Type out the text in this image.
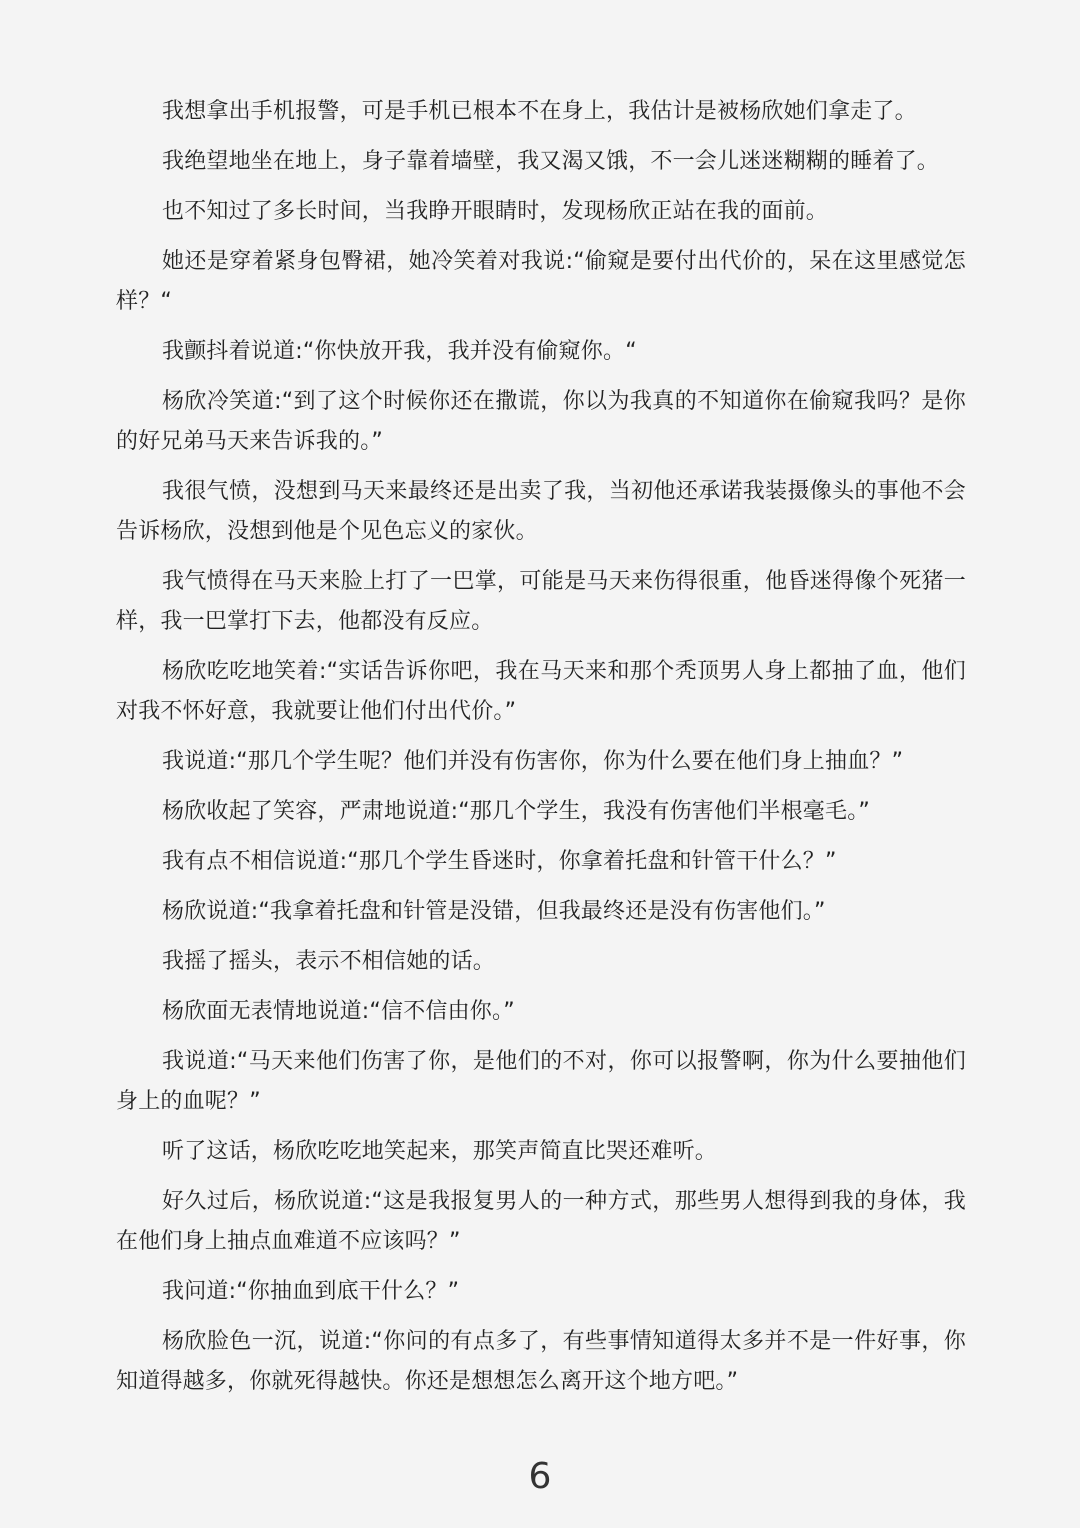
我想拿出手机报警，可是手机已根本不在身上，我估计是被杨欣她们拿走了。

我绝望地坐在地上，身子靠着墙壁，我又渴又饿，不一会儿迷迷糊糊的睡着了。

也不知过了多长时间，当我睁开眼睛时，发现杨欣正站在我的面前。

她还是穿着紧身包臀裙，她冷笑着对我说:“偷窥是要付出代价的，呆在这里感觉怎样？“

我颤抖着说道:“你快放开我，我并没有偷窥你。“

杨欣冷笑道:“到了这个时候你还在撒谎，你以为我真的不知道你在偷窥我吗？是你的好兄弟马天来告诉我的。”

我很气愤，没想到马天来最终还是出卖了我，当初他还承诺我装摄像头的事他不会告诉杨欣，没想到他是个见色忘义的家伙。

我气愤得在马天来脸上打了一巴掌，可能是马天来伤得很重，他昏迷得像个死猪一样，我一巴掌打下去，他都没有反应。

杨欣吃吃地笑着:“实话告诉你吧，我在马天来和那个秃顶男人身上都抽了血，他们对我不怀好意，我就要让他们付出代价。”

我说道:“那几个学生呢？他们并没有伤害你，你为什么要在他们身上抽血？”

杨欣收起了笑容，严肃地说道:“那几个学生，我没有伤害他们半根毫毛。”

我有点不相信说道:“那几个学生昏迷时，你拿着托盘和针管干什么？”

杨欣说道:“我拿着托盘和针管是没错，但我最终还是没有伤害他们。”

我摇了摇头，表示不相信她的话。

杨欣面无表情地说道:“信不信由你。”

我说道:“马天来他们伤害了你，是他们的不对，你可以报警啊，你为什么要抽他们身上的血呢？”

听了这话，杨欣吃吃地笑起来，那笑声简直比哭还难听。

好久过后，杨欣说道:“这是我报复男人的一种方式，那些男人想得到我的身体，我在他们身上抽点血难道不应该吗？”

我问道:“你抽血到底干什么？”

杨欣脸色一沉，说道:“你问的有点多了，有些事情知道得太多并不是一件好事，你知道得越多，你就死得越快。你还是想想怎么离开这个地方吧。”

6
